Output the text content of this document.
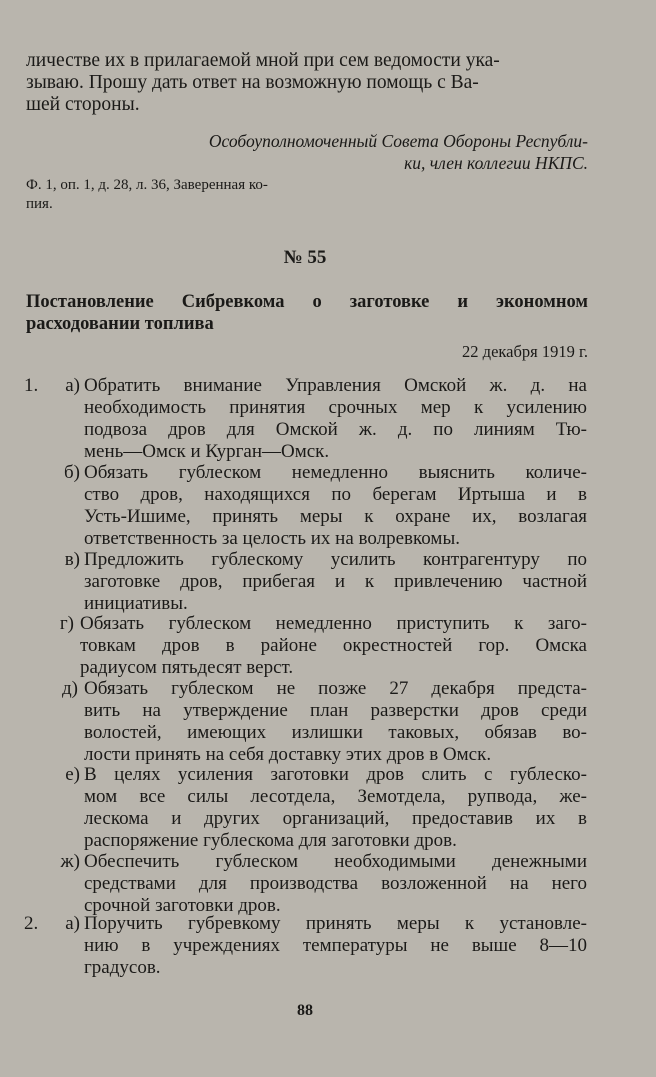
личестве их в прилагаемой мной при сем ведомости ука-
зываю. Прошу дать ответ на возможную помощь с Ва-
шей стороны.
Особоуполномоченный Совета Обороны Республи-
ки, член коллегии НКПС.
Ф. 1, оп. 1, д. 28, л. 36, Заверенная ко-
пия.
№ 55
Постановление Сибревкома о заготовке и экономном
расходовании топлива
22 декабря 1919 г.
1.	а) Обратить внимание Управления Омской ж. д. на
необходимость принятия срочных мер к усилению
подвоза дров для Омской ж. д. по линиям Тю-
мень—Омск и Курган—Омск.
б) Обязать гублеском немедленно выяснить количе-
ство дров, находящихся по берегам Иртыша и в
Усть-Ишиме, принять меры к охране их, возлагая
ответственность за целость их на волревкомы.
в) Предложить гублескому усилить контрагентуру по
заготовке дров, прибегая и к привлечению частной
инициативы.
г) Обязать гублеском немедленно приступить к заго-
товкам дров в районе окрестностей гор. Омска
радиусом пятьдесят верст.
д) Обязать гублеском не позже 27 декабря предста-
вить на утверждение план разверстки дров среди
волостей, имеющих излишки таковых, обязав во-
лости принять на себя доставку этих дров в Омск.
е) В целях усиления заготовки дров слить с гублеско-
мом все силы лесотдела, Земотдела, рупвода, же-
лескома и других организаций, предоставив их в
распоряжение гублескома для заготовки дров.
ж) Обеспечить гублеском необходимыми денежными
средствами для производства возложенной на него
срочной заготовки дров.
2.	а) Поручить губревкому принять меры к установле-
нию в учреждениях температуры не выше 8—10
градусов.
88
